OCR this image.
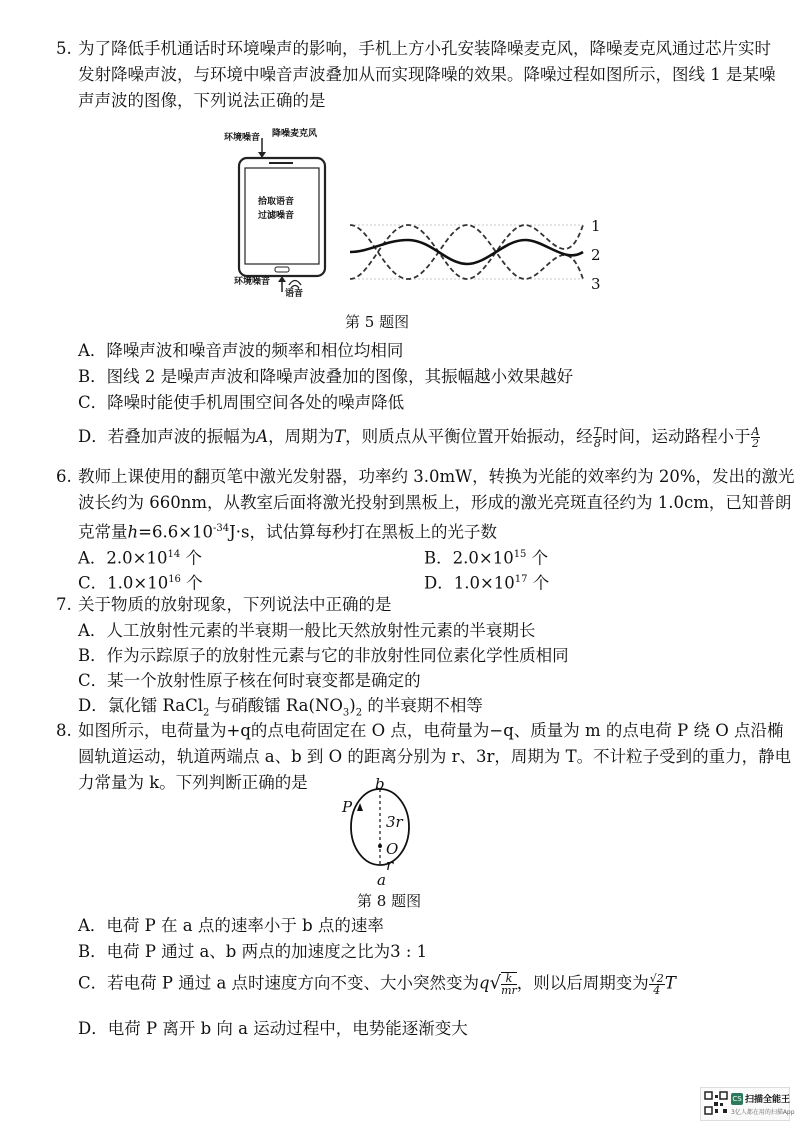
5. 为了降低手机通话时环境噪声的影响，手机上方小孔安装降噪麦克风，降噪麦克风通过芯片实时
发射降噪声波，与环境中噪音声波叠加从而实现降噪的效果。降噪过程如图所示，图线 1 是某噪
声声波的图像，下列说法正确的是
环境噪音 降噪麦克风
拾取语音
过滤噪音
环境噪音
语音
1
2
3
第 5 题图
A．降噪声波和噪音声波的频率和相位均相同
B．图线 2 是噪声声波和降噪声波叠加的图像，其振幅越小效果越好
C．降噪时能使手机周围空间各处的噪声降低
D．若叠加声波的振幅为A，周期为T，则质点从平衡位置开始振动，经 $\frac{T}{8}$ 时间，运动路程小于 $\frac{A}{2}$
6. 教师上课使用的翻页笔中激光发射器，功率约 3.0mW，转换为光能的效率约为 20%，发出的激光
波长约为 660nm，从教室后面将激光投射到黑板上，形成的激光亮斑直径约为 1.0cm，已知普朗
克常量$h=6.6\times 10^{-34}J\cdot s$，试估算每秒打在黑板上的光子数
A．$2.0\times 10^{14}$ 个	B．$2.0\times 10^{15}$ 个
C．$1.0\times 10^{16}$ 个	D．$1.0\times 10^{17}$ 个
7. 关于物质的放射现象，下列说法中正确的是
A．人工放射性元素的半衰期一般比天然放射性元素的半衰期长
B．作为示踪原子的放射性元素与它的非放射性同位素化学性质相同
C．某一个放射性原子核在何时衰变都是确定的
D．氯化镭 RaCl$_2$ 与硝酸镭 $Ra(NO_3)_2$ 的半衰期不相等
8. 如图所示，电荷量为+q的点电荷固定在 O 点，电荷量为−q、质量为 m 的点电荷 P 绕 O 点沿椭
圆轨道运动，轨道两端点 a、b 到 O 的距离分别为 r、3r，周期为 T。不计粒子受到的重力，静电
力常量为 k。下列判断正确的是	b
P
3r
O
r
a
第 8 题图
A．电荷 P 在 a 点的速率小于 b 点的速率
B．电荷 P 通过 a、b 两点的加速度之比为3 : 1
C．若电荷 P 通过 a 点时速度方向不变、大小突然变为$q√ \frac{k}{mr}$ ，则以后周期变为 $\frac{√2}{4}$ T
D．电荷 P 离开 b 向 a 运动过程中，电势能逐渐变大
CS 扫描全能王
3亿人都在用的扫描App
